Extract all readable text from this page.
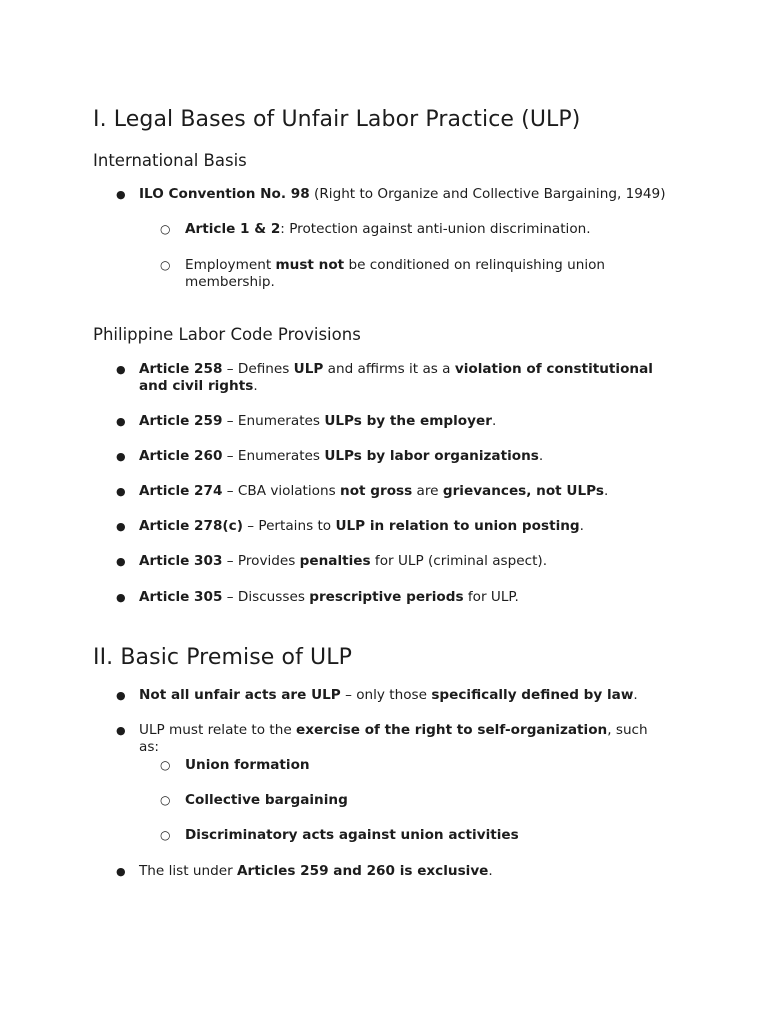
I. Legal Bases of Unfair Labor Practice (ULP)
International Basis
● ILO Convention No. 98 (Right to Organize and Collective Bargaining, 1949)
○ Article 1 & 2: Protection against anti-union discrimination.
○ Employment must not be conditioned on relinquishing union membership.
Philippine Labor Code Provisions
● Article 258 – Defines ULP and affirms it as a violation of constitutional and civil rights.
● Article 259 – Enumerates ULPs by the employer.
● Article 260 – Enumerates ULPs by labor organizations.
● Article 274 – CBA violations not gross are grievances, not ULPs.
● Article 278(c) – Pertains to ULP in relation to union posting.
● Article 303 – Provides penalties for ULP (criminal aspect).
● Article 305 – Discusses prescriptive periods for ULP.
II. Basic Premise of ULP
● Not all unfair acts are ULP – only those specifically defined by law.
● ULP must relate to the exercise of the right to self-organization, such as:
○ Union formation
○ Collective bargaining
○ Discriminatory acts against union activities
● The list under Articles 259 and 260 is exclusive.
